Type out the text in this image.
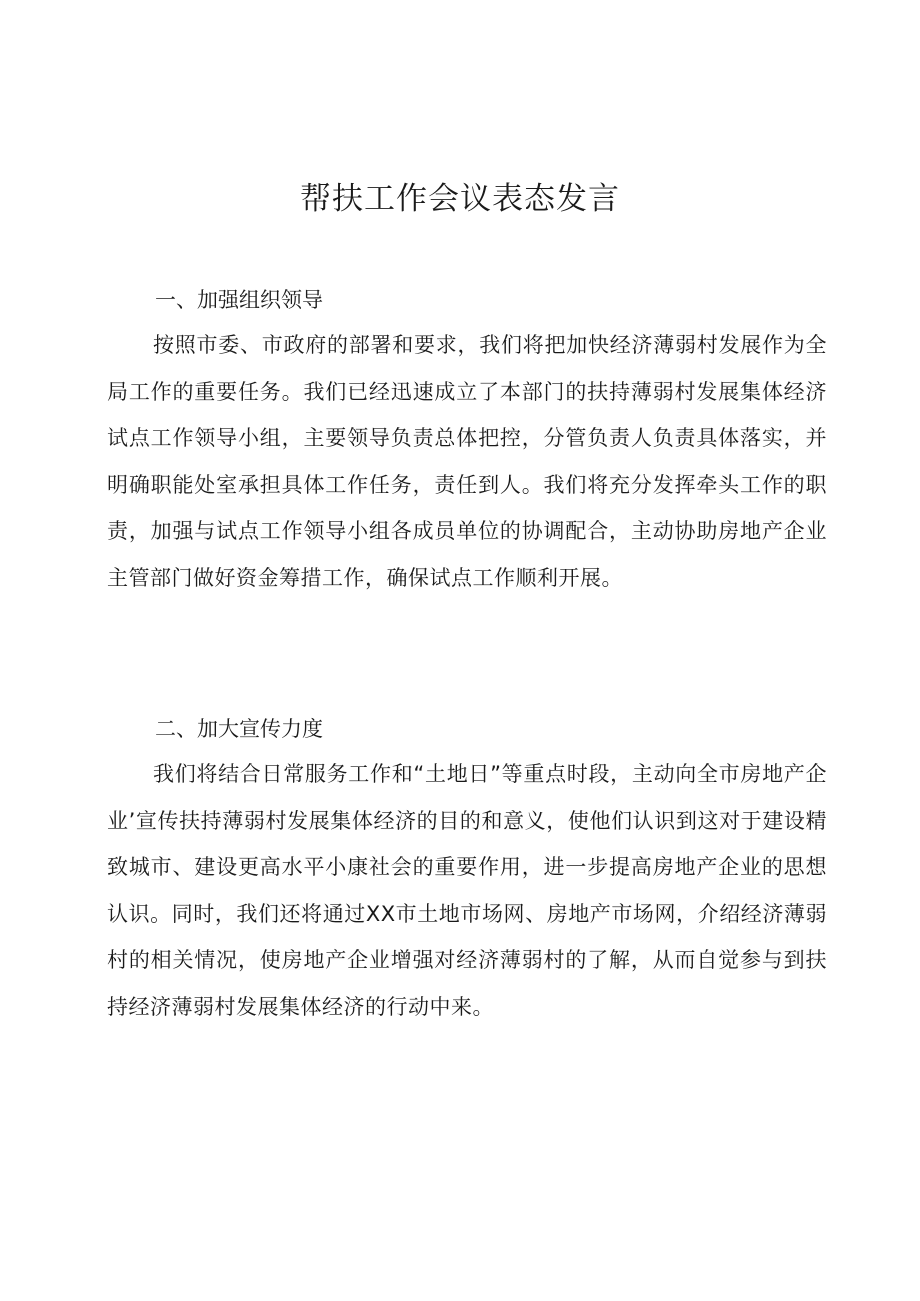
帮扶工作会议表态发言
一、加强组织领导

按照市委、市政府的部署和要求，我们将把加快经济薄弱村发展作为全局工作的重要任务。我们已经迅速成立了本部门的扶持薄弱村发展集体经济试点工作领导小组，主要领导负责总体把控，分管负责人负责具体落实，并明确职能处室承担具体工作任务，责任到人。我们将充分发挥牵头工作的职责，加强与试点工作领导小组各成员单位的协调配合，主动协助房地产企业主管部门做好资金筹措工作，确保试点工作顺利开展。

二、加大宣传力度

我们将结合日常服务工作和“土地日”等重点时段，主动向全市房地产企业’宣传扶持薄弱村发展集体经济的目的和意义，使他们认识到这对于建设精致城市、建设更高水平小康社会的重要作用，进一步提高房地产企业的思想认识。同时，我们还将通过XX市土地市场网、房地产市场网，介绍经济薄弱村的相关情况，使房地产企业增强对经济薄弱村的了解，从而自觉参与到扶持经济薄弱村发展集体经济的行动中来。
